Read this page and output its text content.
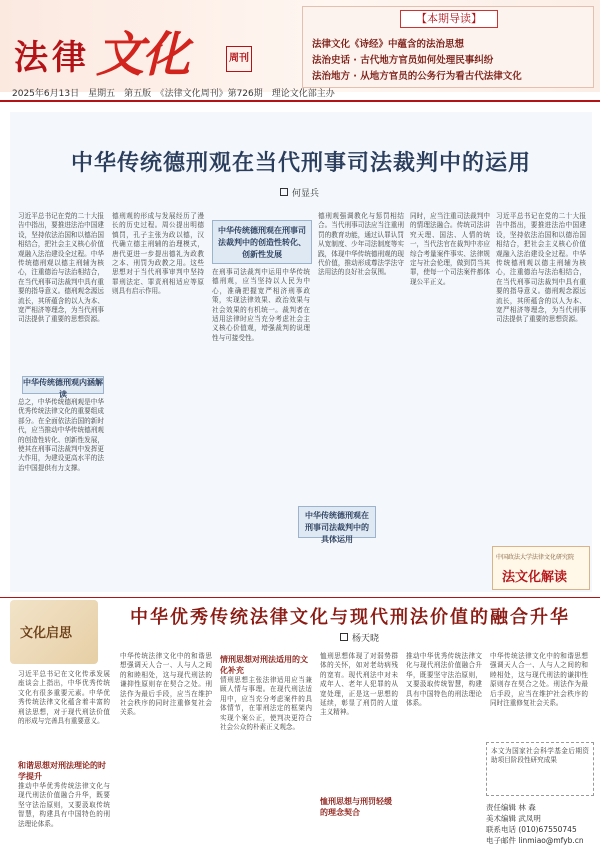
法律 文化	周刊
2025年6月13日　星期五　第五版　《法律文化周刊》第726期　理论文化部主办
【本期导读】
法律文化《诗经》中蕴含的法治思想
法治史话 · 古代地方官员如何处理民事纠纷
法治地方 · 从地方官员的公务行为看古代法律文化
中华传统德刑观在当代刑事司法裁判中的运用
何显兵
习近平总书记在党的二十大报告中指出，要推进法治中国建设，坚持依法治国和以德治国相结合，把社会主义核心价值观融入法治建设全过程。中华传统德刑观以德主刑辅为核心，注重德治与法治相结合，在当代刑事司法裁判中具有重要的指导意义。德刑观念源远流长，其所蕴含的以人为本、宽严相济等理念，为当代刑事司法提供了重要的思想资源。
中华传统德刑观内涵解读
总之，中华传统德刑观是中华优秀传统法律文化的重要组成部分。在全面依法治国的新时代，应当推动中华传统德刑观的创造性转化、创新性发展，使其在刑事司法裁判中发挥更大作用，为建设更高水平的法治中国提供有力支撑。
德刑观的形成与发展经历了漫长的历史过程。周公提出明德慎罚，孔子主张为政以德，汉代确立德主刑辅的治理模式，唐代更进一步提出德礼为政教之本、刑罚为政教之用。这些思想对于当代刑事审判中坚持罪刑法定、罪责刑相适应等原则具有启示作用。
中华传统德刑观在刑事司法裁判中的创造性转化、创新性发展
在刑事司法裁判中运用中华传统德刑观，应当坚持以人民为中心，准确把握宽严相济刑事政策，实现法律效果、政治效果与社会效果的有机统一。裁判者在适用法律时应当充分考虑社会主义核心价值观，增强裁判的说理性与可接受性。
德刑观强调教化与惩罚相结合。当代刑事司法应当注重刑罚的教育功能，通过认罪认罚从宽制度、少年司法制度等实践，体现中华传统德刑观的现代价值，推动形成尊法学法守法用法的良好社会氛围。
中华传统德刑观在刑事司法裁判中的具体运用
同时，应当注重司法裁判中的情理法融合。传统司法讲究天理、国法、人情的统一，当代法官在裁判中亦应综合考量案件事实、法律规定与社会伦理，做到罚当其罪，使每一个司法案件都体现公平正义。
习近平总书记在党的二十大报告中指出，要推进法治中国建设，坚持依法治国和以德治国相结合，把社会主义核心价值观融入法治建设全过程。中华传统德刑观以德主刑辅为核心，注重德治与法治相结合，在当代刑事司法裁判中具有重要的指导意义。德刑观念源远流长，其所蕴含的以人为本、宽严相济等理念，为当代刑事司法提供了重要的思想资源。
中国政法大学法律文化研究院
法文化解读
文化启思
中华优秀传统法律文化与现代刑法价值的融合升华
杨天晓
习近平总书记在文化传承发展座谈会上指出，中华优秀传统文化有很多重要元素。中华优秀传统法律文化蕴含着丰富的刑法思想，对于现代刑法价值的形成与完善具有重要意义。
和谐思想对刑法理论的时学提升
推动中华优秀传统法律文化与现代刑法价值融合升华，既要坚守法治原则，又要汲取传统智慧，构建具有中国特色的刑法理论体系。
中华传统法律文化中的和谐思想强调天人合一、人与人之间的和睦相处，这与现代刑法的谦抑性原则存在契合之处。刑法作为最后手段，应当在维护社会秩序的同时注重修复社会关系。
情刑思想对刑法适用的文化补充
情刑思想主张法律适用应当兼顾人情与事理。在现代刑法适用中，应当充分考虑案件的具体情节，在罪刑法定的框架内实现个案公正，使判决更符合社会公众的朴素正义观念。
恤刑思想体现了对弱势群体的关怀，如对老幼病残的宽宥。现代刑法中对未成年人、老年人犯罪的从宽处理，正是这一思想的延续，彰显了刑罚的人道主义精神。
恤刑思想与刑罚轻缓的理念契合
推动中华优秀传统法律文化与现代刑法价值融合升华，既要坚守法治原则，又要汲取传统智慧，构建具有中国特色的刑法理论体系。
中华传统法律文化中的和谐思想强调天人合一、人与人之间的和睦相处，这与现代刑法的谦抑性原则存在契合之处。刑法作为最后手段，应当在维护社会秩序的同时注重修复社会关系。
本文为国家社会科学基金后期资助项目阶段性研究成果
责任编辑 林 森
美术编辑 武凤明
联系电话 (010)67550745
电子邮件 linmiao@mfyb.cn
